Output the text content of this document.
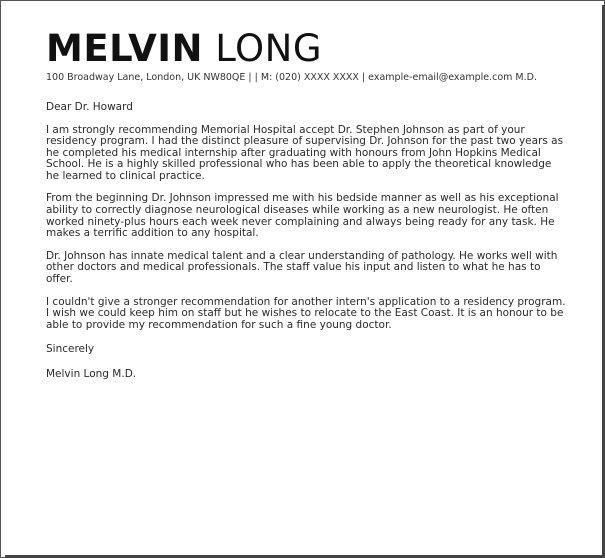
MELVIN LONG
100 Broadway Lane, London, UK NW80QE | | M: (020) XXXX XXXX | example-email@example.com M.D.
Dear Dr. Howard
I am strongly recommending Memorial Hospital accept Dr. Stephen Johnson as part of your residency program. I had the distinct pleasure of supervising Dr. Johnson for the past two years as he completed his medical internship after graduating with honours from John Hopkins Medical School. He is a highly skilled professional who has been able to apply the theoretical knowledge he learned to clinical practice.
From the beginning Dr. Johnson impressed me with his bedside manner as well as his exceptional ability to correctly diagnose neurological diseases while working as a new neurologist. He often worked ninety-plus hours each week never complaining and always being ready for any task. He makes a terrific addition to any hospital.
Dr. Johnson has innate medical talent and a clear understanding of pathology. He works well with other doctors and medical professionals. The staff value his input and listen to what he has to offer.
I couldn't give a stronger recommendation for another intern's application to a residency program. I wish we could keep him on staff but he wishes to relocate to the East Coast. It is an honour to be able to provide my recommendation for such a fine young doctor.
Sincerely
Melvin Long M.D.
